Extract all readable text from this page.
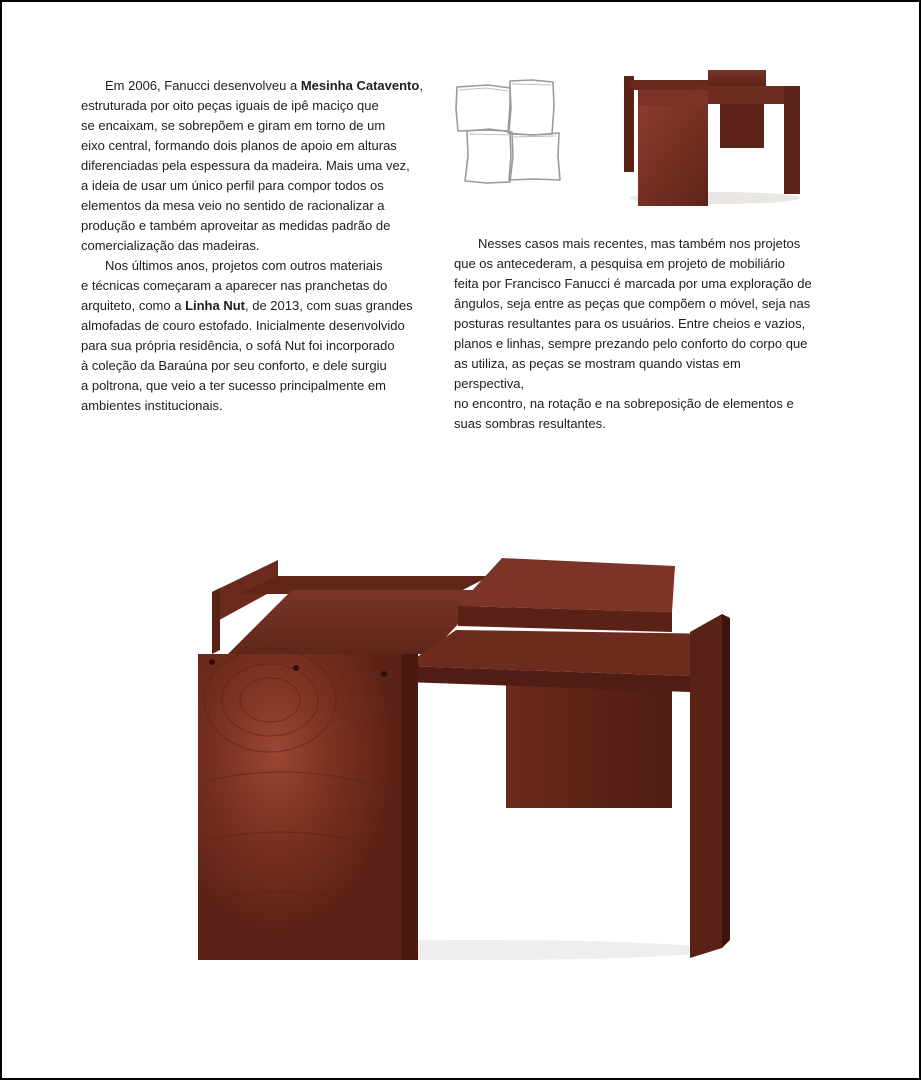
Em 2006, Fanucci desenvolveu a Mesinha Catavento,
estruturada por oito peças iguais de ipê maciço que
se encaixam, se sobrepõem e giram em torno de um
eixo central, formando dois planos de apoio em alturas
diferenciadas pela espessura da madeira. Mais uma vez,
a ideia de usar um único perfil para compor todos os
elementos da mesa veio no sentido de racionalizar a
produção e também aproveitar as medidas padrão de
comercialização das madeiras.

Nos últimos anos, projetos com outros materiais
e técnicas começaram a aparecer nas pranchetas do
arquiteto, como a Linha Nut, de 2013, com suas grandes
almofadas de couro estofado. Inicialmente desenvolvido
para sua própria residência, o sofá Nut foi incorporado
à coleção da Baraúna por seu conforto, e dele surgiu
a poltrona, que veio a ter sucesso principalmente em
ambientes institucionais.

Nesses casos mais recentes, mas também nos projetos
que os antecederam, a pesquisa em projeto de mobiliário
feita por Francisco Fanucci é marcada por uma exploração de
ângulos, seja entre as peças que compõem o móvel, seja nas
posturas resultantes para os usuários. Entre cheios e vazios,
planos e linhas, sempre prezando pelo conforto do corpo que
as utiliza, as peças se mostram quando vistas em perspectiva,
no encontro, na rotação e na sobreposição de elementos e
suas sombras resultantes.
